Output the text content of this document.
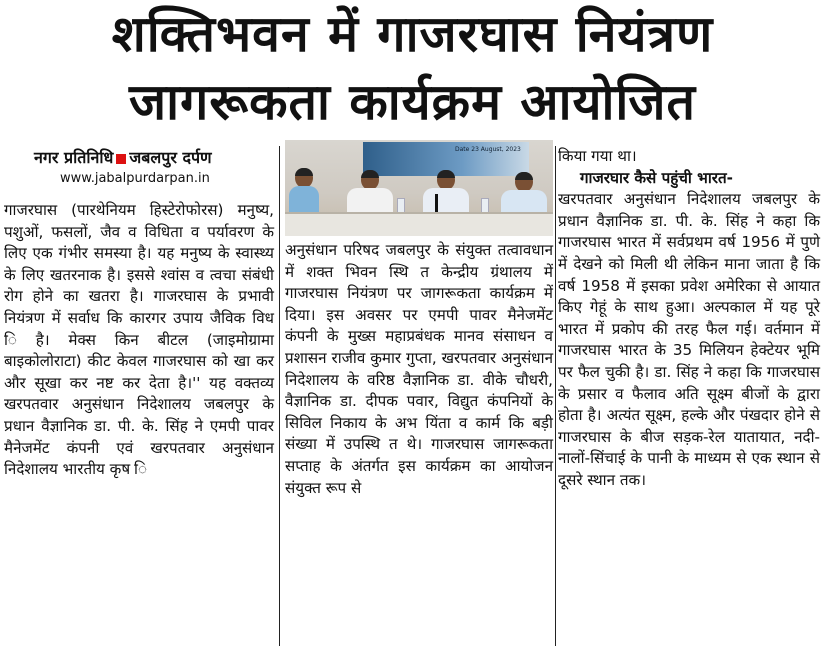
शक्तिभवन में गाजरघास नियंत्रण
जागरूकता कार्यक्रम आयोजित
नगर प्रतिनिधि जबलपुर दर्पण
www.jabalpurdarpan.in

गाजरघास (पारथेनियम हिस्टेरोफोरस) मनुष्य, पशुओं, फसलों, जैव व विधिता व पर्यावरण के लिए एक गंभीर समस्या है। यह मनुष्य के स्वास्थ्य के लिए खतरनाक है। इससे श्वांस व त्वचा संबंधी रोग होने का खतरा है। गाजरघास के प्रभावी नियंत्रण में सर्वाध कि कारगर उपाय जैविक विध ि है। मेक्स किन बीटल (जाइमोग्रामा बाइकोलोराटा) कीट केवल गाजरघास को खा कर और सूखा कर नष्ट कर देता है।'' यह वक्तव्य खरपतवार अनुसंधान निदेशालय जबलपुर के प्रधान वैज्ञानिक डा. पी. के. सिंह ने एमपी पावर मैनेजमेंट कंपनी एवं खरपतवार अनुसंधान निदेशालय भारतीय कृष ि

Date 23 August, 2023

अनुसंधान परिषद जबलपुर के संयुक्त तत्वावधान में शक्त भिवन स्थि त केन्द्रीय ग्रंथालय में गाजरघास नियंत्रण पर जागरूकता कार्यक्रम में दिया। इस अवसर पर एमपी पावर मैनेजमेंट कंपनी के मुख्स महाप्रबंधक मानव संसाधन व प्रशासन राजीव कुमार गुप्ता, खरपतवार अनुसंधान निदेशालय के वरिष्ठ वैज्ञानिक डा. वीके चौधरी, वैज्ञानिक डा. दीपक पवार, विद्युत कंपनियों के सिविल निकाय के अभ यिंता व कार्म कि बड़ी संख्या में उपस्थि त थे। गाजरघास जागरूकता सप्ताह के अंतर्गत इस कार्यक्रम का आयोजन संयुक्त रूप से

किया गया था।

गाजरघार कैसे पहुंची भारत-

खरपतवार अनुसंधान निदेशालय जबलपुर के प्रधान वैज्ञानिक डा. पी. के. सिंह ने कहा कि गाजरघास भारत में सर्वप्रथम वर्ष 1956 में पुणे में देखने को मिली थी लेकिन माना जाता है कि वर्ष 1958 में इसका प्रवेश अमेरिका से आयात किए गेहूं के साथ हुआ। अल्पकाल में यह पूरे भारत में प्रकोप की तरह फैल गई। वर्तमान में गाजरघास भारत के 35 मिलियन हेक्टेयर भूमि पर फैल चुकी है। डा. सिंह ने कहा कि गाजरघास के प्रसार व फैलाव अति सूक्ष्म बीजों के द्वारा होता है। अत्यंत सूक्ष्म, हल्के और पंखदार होने से गाजरघास के बीज सड़क-रेल यातायात, नदी-नालों-सिंचाई के पानी के माध्यम से एक स्थान से दूसरे स्थान तक।
